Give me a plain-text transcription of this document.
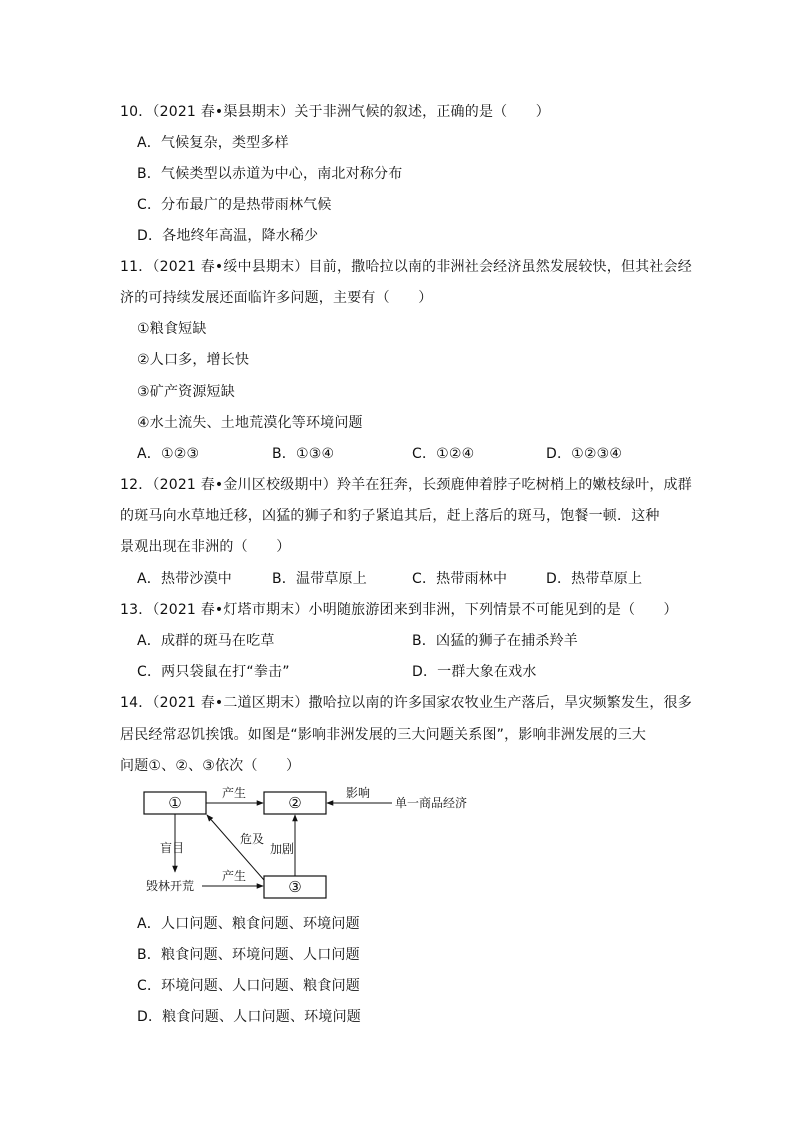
10．（2021 春•渠县期末）关于非洲气候的叙述，正确的是（　　）
A．气候复杂，类型多样
B．气候类型以赤道为中心，南北对称分布
C．分布最广的是热带雨林气候
D．各地终年高温，降水稀少
11．（2021 春•绥中县期末）目前，撒哈拉以南的非洲社会经济虽然发展较快，但其社会经
济的可持续发展还面临许多问题，主要有（　　）
①粮食短缺
②人口多，增长快
③矿产资源短缺
④水土流失、土地荒漠化等环境问题
A．①②③	B．①③④	C．①②④	D．①②③④
12．（2021 春•金川区校级期中）羚羊在狂奔，长颈鹿伸着脖子吃树梢上的嫩枝绿叶，成群
的斑马向水草地迁移，凶猛的狮子和豹子紧追其后，赶上落后的斑马，饱餐一顿．这种
景观出现在非洲的（　　）
A．热带沙漠中	B．温带草原上	C．热带雨林中	D．热带草原上
13．（2021 春•灯塔市期末）小明随旅游团来到非洲，下列情景不可能见到的是（　　）
A．成群的斑马在吃草	B．凶猛的狮子在捕杀羚羊
C．两只袋鼠在打“拳击”	D．一群大象在戏水
14．（2021 春•二道区期末）撒哈拉以南的许多国家农牧业生产落后，旱灾频繁发生，很多
居民经常忍饥挨饿。如图是“影响非洲发展的三大问题关系图”，影响非洲发展的三大
问题①、②、③依次（　　）
①	②
③
产生	影响
单一商品经济
危及
加剧
盲目
毁林开荒
产生
A．人口问题、粮食问题、环境问题
B．粮食问题、环境问题、人口问题
C．环境问题、人口问题、粮食问题
D．粮食问题、人口问题、环境问题
